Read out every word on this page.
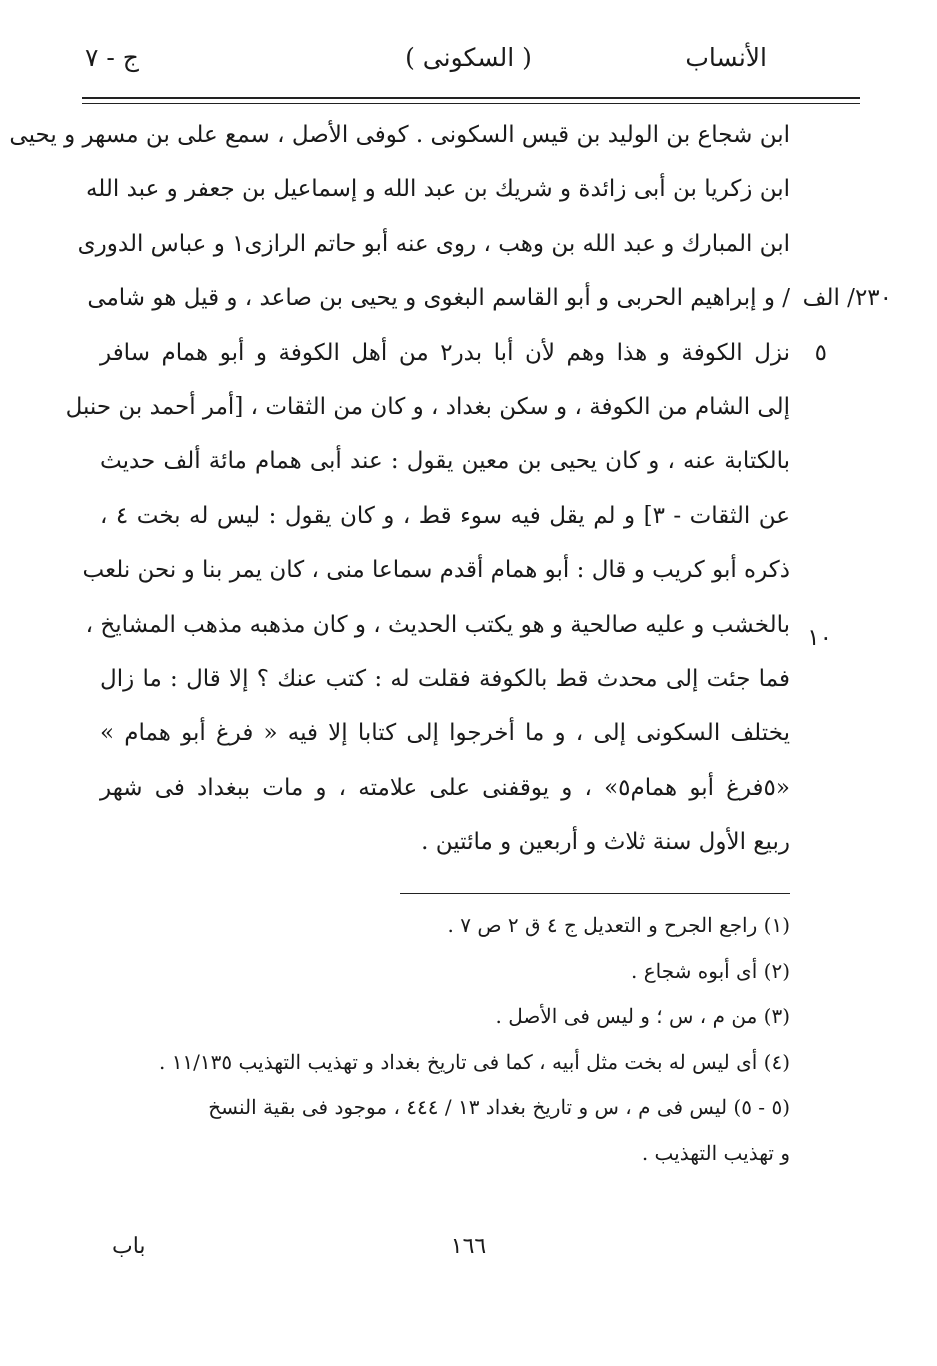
الأنساب
( السكونى )
ج - ٧
٢٣٠/ الف
٥
١٠
ابن شجاع بن الوليد بن قيس السكونى . كوفى الأصل ، سمع على بن مسهر و يحيى
ابن زكريا بن أبى زائدة و شريك بن عبد الله و إسماعيل بن جعفر و عبد الله
ابن المبارك و عبد الله بن وهب ، روى عنه أبو حاتم الرازى١ و عباس الدورى
/ و إبراهيم الحربى و أبو القاسم البغوى و يحيى بن صاعد ، و قيل هو شامى
نزل الكوفة و هذا وهم لأن أبا بدر٢ من أهل الكوفة و أبو همام سافر
إلى الشام من الكوفة ، و سكن بغداد ، و كان من الثقات ، [أمر أحمد بن حنبل
بالكتابة عنه ، و كان يحيى بن معين يقول : عند أبى همام مائة ألف حديث
عن الثقات - ٣] و لم يقل فيه سوء قط ، و كان يقول : ليس له بخت ٤ ،
ذكره أبو كريب و قال : أبو همام أقدم سماعا منى ، كان يمر بنا و نحن نلعب
بالخشب و عليه صالحية و هو يكتب الحديث ، و كان مذهبه مذهب المشايخ ،
فما جئت إلى محدث قط بالكوفة فقلت له : كتب عنك ؟ إلا قال : ما زال
يختلف السكونى إلى ، و ما أخرجوا إلى كتابا إلا فيه « فرغ أبو همام »
«٥فرغ أبو همام٥» ، و يوقفنى على علامته ، و مات ببغداد فى شهر
ربيع الأول سنة ثلاث و أربعين و مائتين .
(١) راجع الجرح و التعديل ج ٤ ق ٢ ص ٧ .
(٢) أى أبوه شجاع .
(٣) من م ، س ؛ و ليس فى الأصل .
(٤) أى ليس له بخت مثل أبيه ، كما فى تاريخ بغداد و تهذيب التهذيب ١١/١٣٥ .
(٥ - ٥) ليس فى م ، س و تاريخ بغداد ١٣ / ٤٤٤ ، موجود فى بقية النسخ
و تهذيب التهذيب .
١٦٦
باب
